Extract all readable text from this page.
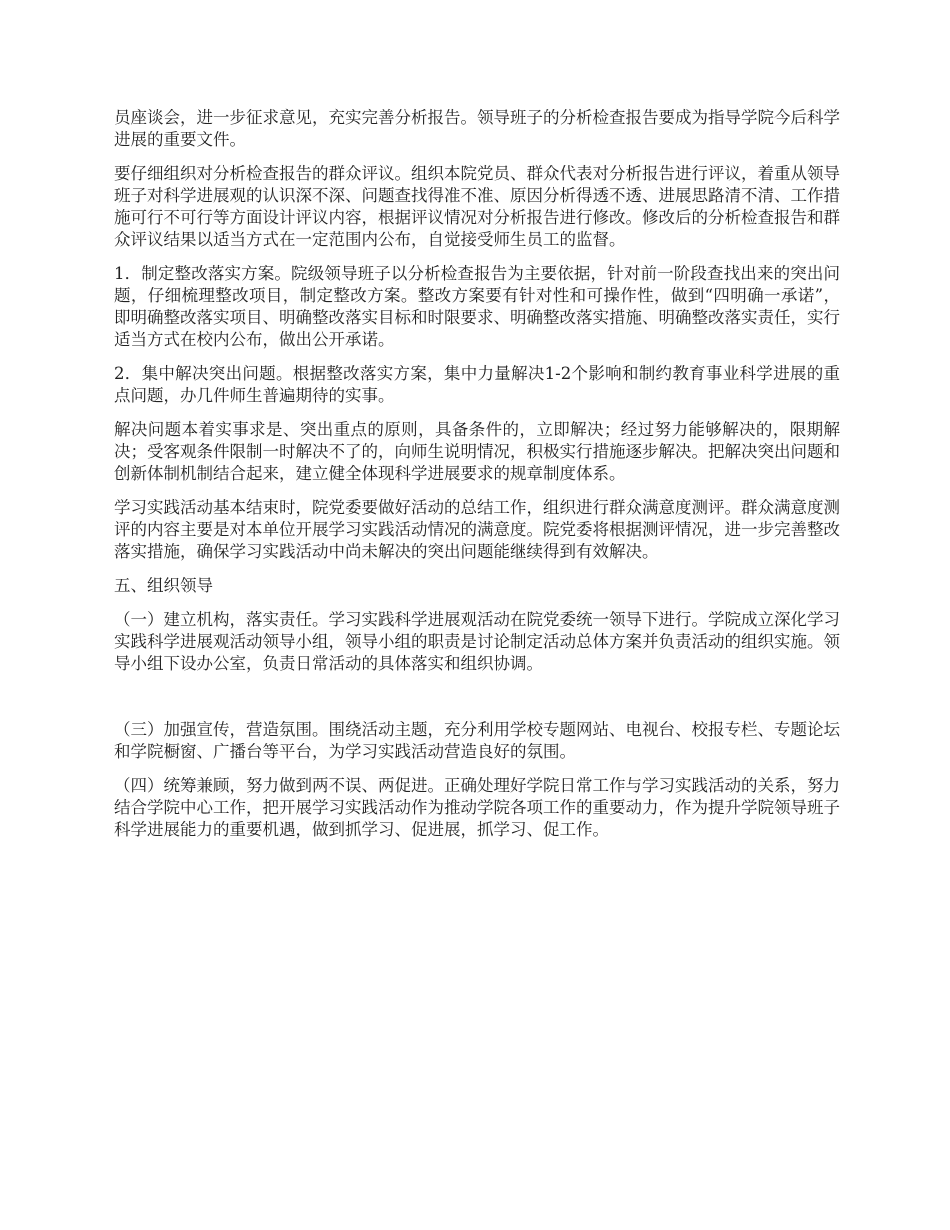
员座谈会，进一步征求意见，充实完善分析报告。领导班子的分析检查报告要成为指导学院今后科学进展的重要文件。

要仔细组织对分析检查报告的群众评议。组织本院党员、群众代表对分析报告进行评议，着重从领导班子对科学进展观的认识深不深、问题查找得准不准、原因分析得透不透、进展思路清不清、工作措施可行不可行等方面设计评议内容，根据评议情况对分析报告进行修改。修改后的分析检查报告和群众评议结果以适当方式在一定范围内公布，自觉接受师生员工的监督。

1．制定整改落实方案。院级领导班子以分析检查报告为主要依据，针对前一阶段查找出来的突出问题，仔细梳理整改项目，制定整改方案。整改方案要有针对性和可操作性，做到“四明确一承诺”，即明确整改落实项目、明确整改落实目标和时限要求、明确整改落实措施、明确整改落实责任，实行适当方式在校内公布，做出公开承诺。

2．集中解决突出问题。根据整改落实方案，集中力量解决1-2个影响和制约教育事业科学进展的重点问题，办几件师生普遍期待的实事。

解决问题本着实事求是、突出重点的原则，具备条件的，立即解决；经过努力能够解决的，限期解决；受客观条件限制一时解决不了的，向师生说明情况，积极实行措施逐步解决。把解决突出问题和创新体制机制结合起来，建立健全体现科学进展要求的规章制度体系。

学习实践活动基本结束时，院党委要做好活动的总结工作，组织进行群众满意度测评。群众满意度测评的内容主要是对本单位开展学习实践活动情况的满意度。院党委将根据测评情况，进一步完善整改落实措施，确保学习实践活动中尚未解决的突出问题能继续得到有效解决。

五、组织领导

（一）建立机构，落实责任。学习实践科学进展观活动在院党委统一领导下进行。学院成立深化学习实践科学进展观活动领导小组，领导小组的职责是讨论制定活动总体方案并负责活动的组织实施。领导小组下设办公室，负责日常活动的具体落实和组织协调。

（三）加强宣传，营造氛围。围绕活动主题，充分利用学校专题网站、电视台、校报专栏、专题论坛和学院橱窗、广播台等平台，为学习实践活动营造良好的氛围。

（四）统筹兼顾，努力做到两不误、两促进。正确处理好学院日常工作与学习实践活动的关系，努力结合学院中心工作，把开展学习实践活动作为推动学院各项工作的重要动力，作为提升学院领导班子科学进展能力的重要机遇，做到抓学习、促进展，抓学习、促工作。
